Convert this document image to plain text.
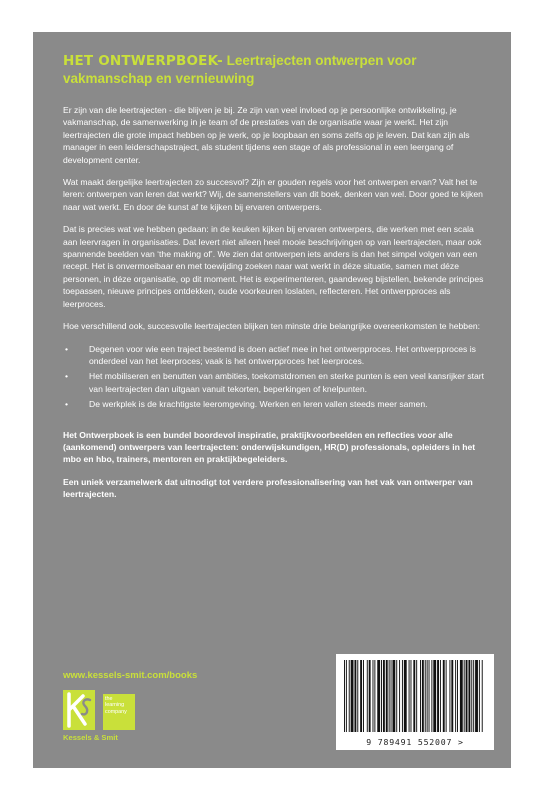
HET ONTWERPBOEK- Leertrajecten ontwerpen voor
vakmanschap en vernieuwing

Er zijn van die leertrajecten - die blijven je bij. Ze zijn van veel invloed op je persoonlijke ontwikkeling, je vakmanschap, de samenwerking in je team of de prestaties van de organisatie waar je werkt. Het zijn leertrajecten die grote impact hebben op je werk, op je loopbaan en soms zelfs op je leven. Dat kan zijn als manager in een leiderschapstraject, als student tijdens een stage of als professional in een leergang of development center.

Wat maakt dergelijke leertrajecten zo succesvol? Zijn er gouden regels voor het ontwerpen ervan? Valt het te leren: ontwerpen van leren dat werkt? Wij, de samenstellers van dit boek, denken van wel. Door goed te kijken naar wat werkt. En door de kunst af te kijken bij ervaren ontwerpers.

Dat is precies wat we hebben gedaan: in de keuken kijken bij ervaren ontwerpers, die werken met een scala aan leervragen in organisaties. Dat levert niet alleen heel mooie beschrijvingen op van leertrajecten, maar ook spannende beelden van ‘the making of’. We zien dat ontwerpen iets anders is dan het simpel volgen van een recept. Het is onvermoeibaar en met toewijding zoeken naar wat werkt in déze situatie, samen met déze personen, in déze organisatie, op dit moment. Het is experimenteren, gaandeweg bijstellen, bekende principes toepassen, nieuwe principes ontdekken, oude voorkeuren loslaten, reflecteren. Het ontwerpproces als leerproces.

Hoe verschillend ook, succesvolle leertrajecten blijken ten minste drie belangrijke overeenkomsten te hebben:

• Degenen voor wie een traject bestemd is doen actief mee in het ontwerpproces. Het ontwerpproces is onderdeel van het leerproces; vaak is het ontwerpproces het leerproces.
• Het mobiliseren en benutten van ambities, toekomstdromen en sterke punten is een veel kansrijker start van leertrajecten dan uitgaan vanuit tekorten, beperkingen of knelpunten.
• De werkplek is de krachtigste leeromgeving. Werken en leren vallen steeds meer samen.

Het Ontwerpboek is een bundel boordevol inspiratie, praktijkvoorbeelden en reflecties voor alle (aankomend) ontwerpers van leertrajecten: onderwijskundigen, HR(D) professionals, opleiders in het mbo en hbo, trainers, mentoren en praktijkbegeleiders.

Een uniek verzamelwerk dat uitnodigt tot verdere professionalisering van het vak van ontwerper van leertrajecten.

www.kessels-smit.com/books
the learning company
Kessels & Smit	9 789491 552007 >
